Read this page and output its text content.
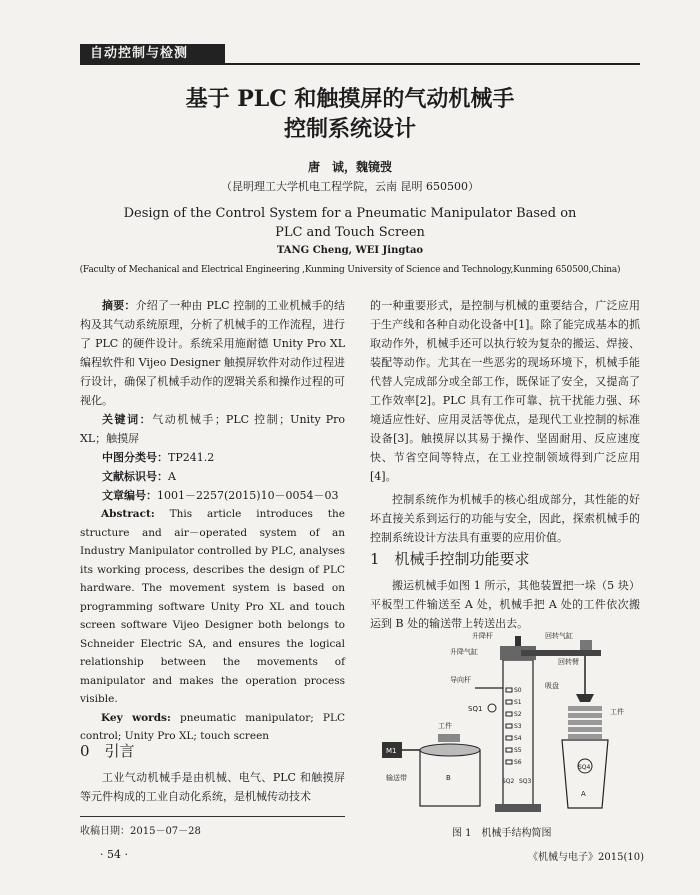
自动控制与检测
基于 PLC 和触摸屏的气动机械手
控制系统设计
唐　诚，魏镜弢
（昆明理工大学机电工程学院，云南 昆明 650500）
Design of the Control System for a Pneumatic Manipulator Based on
PLC and Touch Screen
TANG Cheng, WEI Jingtao
(Faculty of Mechanical and Electrical Engineering ,Kunming University of Science and Technology,Kunming 650500,China)

摘要：介绍了一种由 PLC 控制的工业机械手的结构及其气动系统原理，分析了机械手的工作流程，进行了 PLC 的硬件设计。系统采用施耐德 Unity Pro XL 编程软件和 Vijeo Designer 触摸屏软件对动作过程进行设计，确保了机械手动作的逻辑关系和操作过程的可视化。

关键词：气动机械手；PLC 控制；Unity Pro XL；触摸屏

中图分类号：TP241.2

文献标识号：A

文章编号：1001－2257(2015)10－0054－03

Abstract: This article introduces the structure and air－operated system of an Industry Manipulator controlled by PLC, analyses its working process, describes the design of PLC hardware. The movement system is based on programming software Unity Pro XL and touch screen software Vijeo Designer both belongs to Schneider Electric SA, and ensures the logical relationship between the movements of manipulator and makes the operation process visible.

Key words: pneumatic manipulator; PLC control; Unity Pro XL; touch screen

0　引言

工业气动机械手是由机械、电气、PLC 和触摸屏等元件构成的工业自动化系统，是机械传动技术

的一种重要形式，是控制与机械的重要结合，广泛应用于生产线和各种自动化设备中[1]。除了能完成基本的抓取动作外，机械手还可以执行较为复杂的搬运、焊接、装配等动作。尤其在一些恶劣的现场环境下，机械手能代替人完成部分或全部工作，既保证了安全，又提高了工作效率[2]。PLC 具有工作可靠、抗干扰能力强、环境适应性好、应用灵活等优点，是现代工业控制的标准设备[3]。触摸屏以其易于操作、坚固耐用、反应速度快、节省空间等特点，在工业控制领域得到广泛应用[4]。

控制系统作为机械手的核心组成部分，其性能的好坏直接关系到运行的功能与安全，因此，探索机械手的控制系统设计方法具有重要的应用价值。

1　机械手控制功能要求

搬运机械手如图 1 所示，其他装置把一垛（5 块）平板型工件输送至 A 处，机械手把 A 处的工件依次搬运到 B 处的输送带上转送出去。

升降杆
升降气缸
回转气缸
回转臂
导向杆
吸盘
工件
工件
输送带
M1
B
A
SQ1
SQ2 SQ3
SQ4
S0
S1
S2
S3
S4
S5
S6
图 1　机械手结构简图
收稿日期：2015－07－28
· 54 ·	《机械与电子》2015(10)
